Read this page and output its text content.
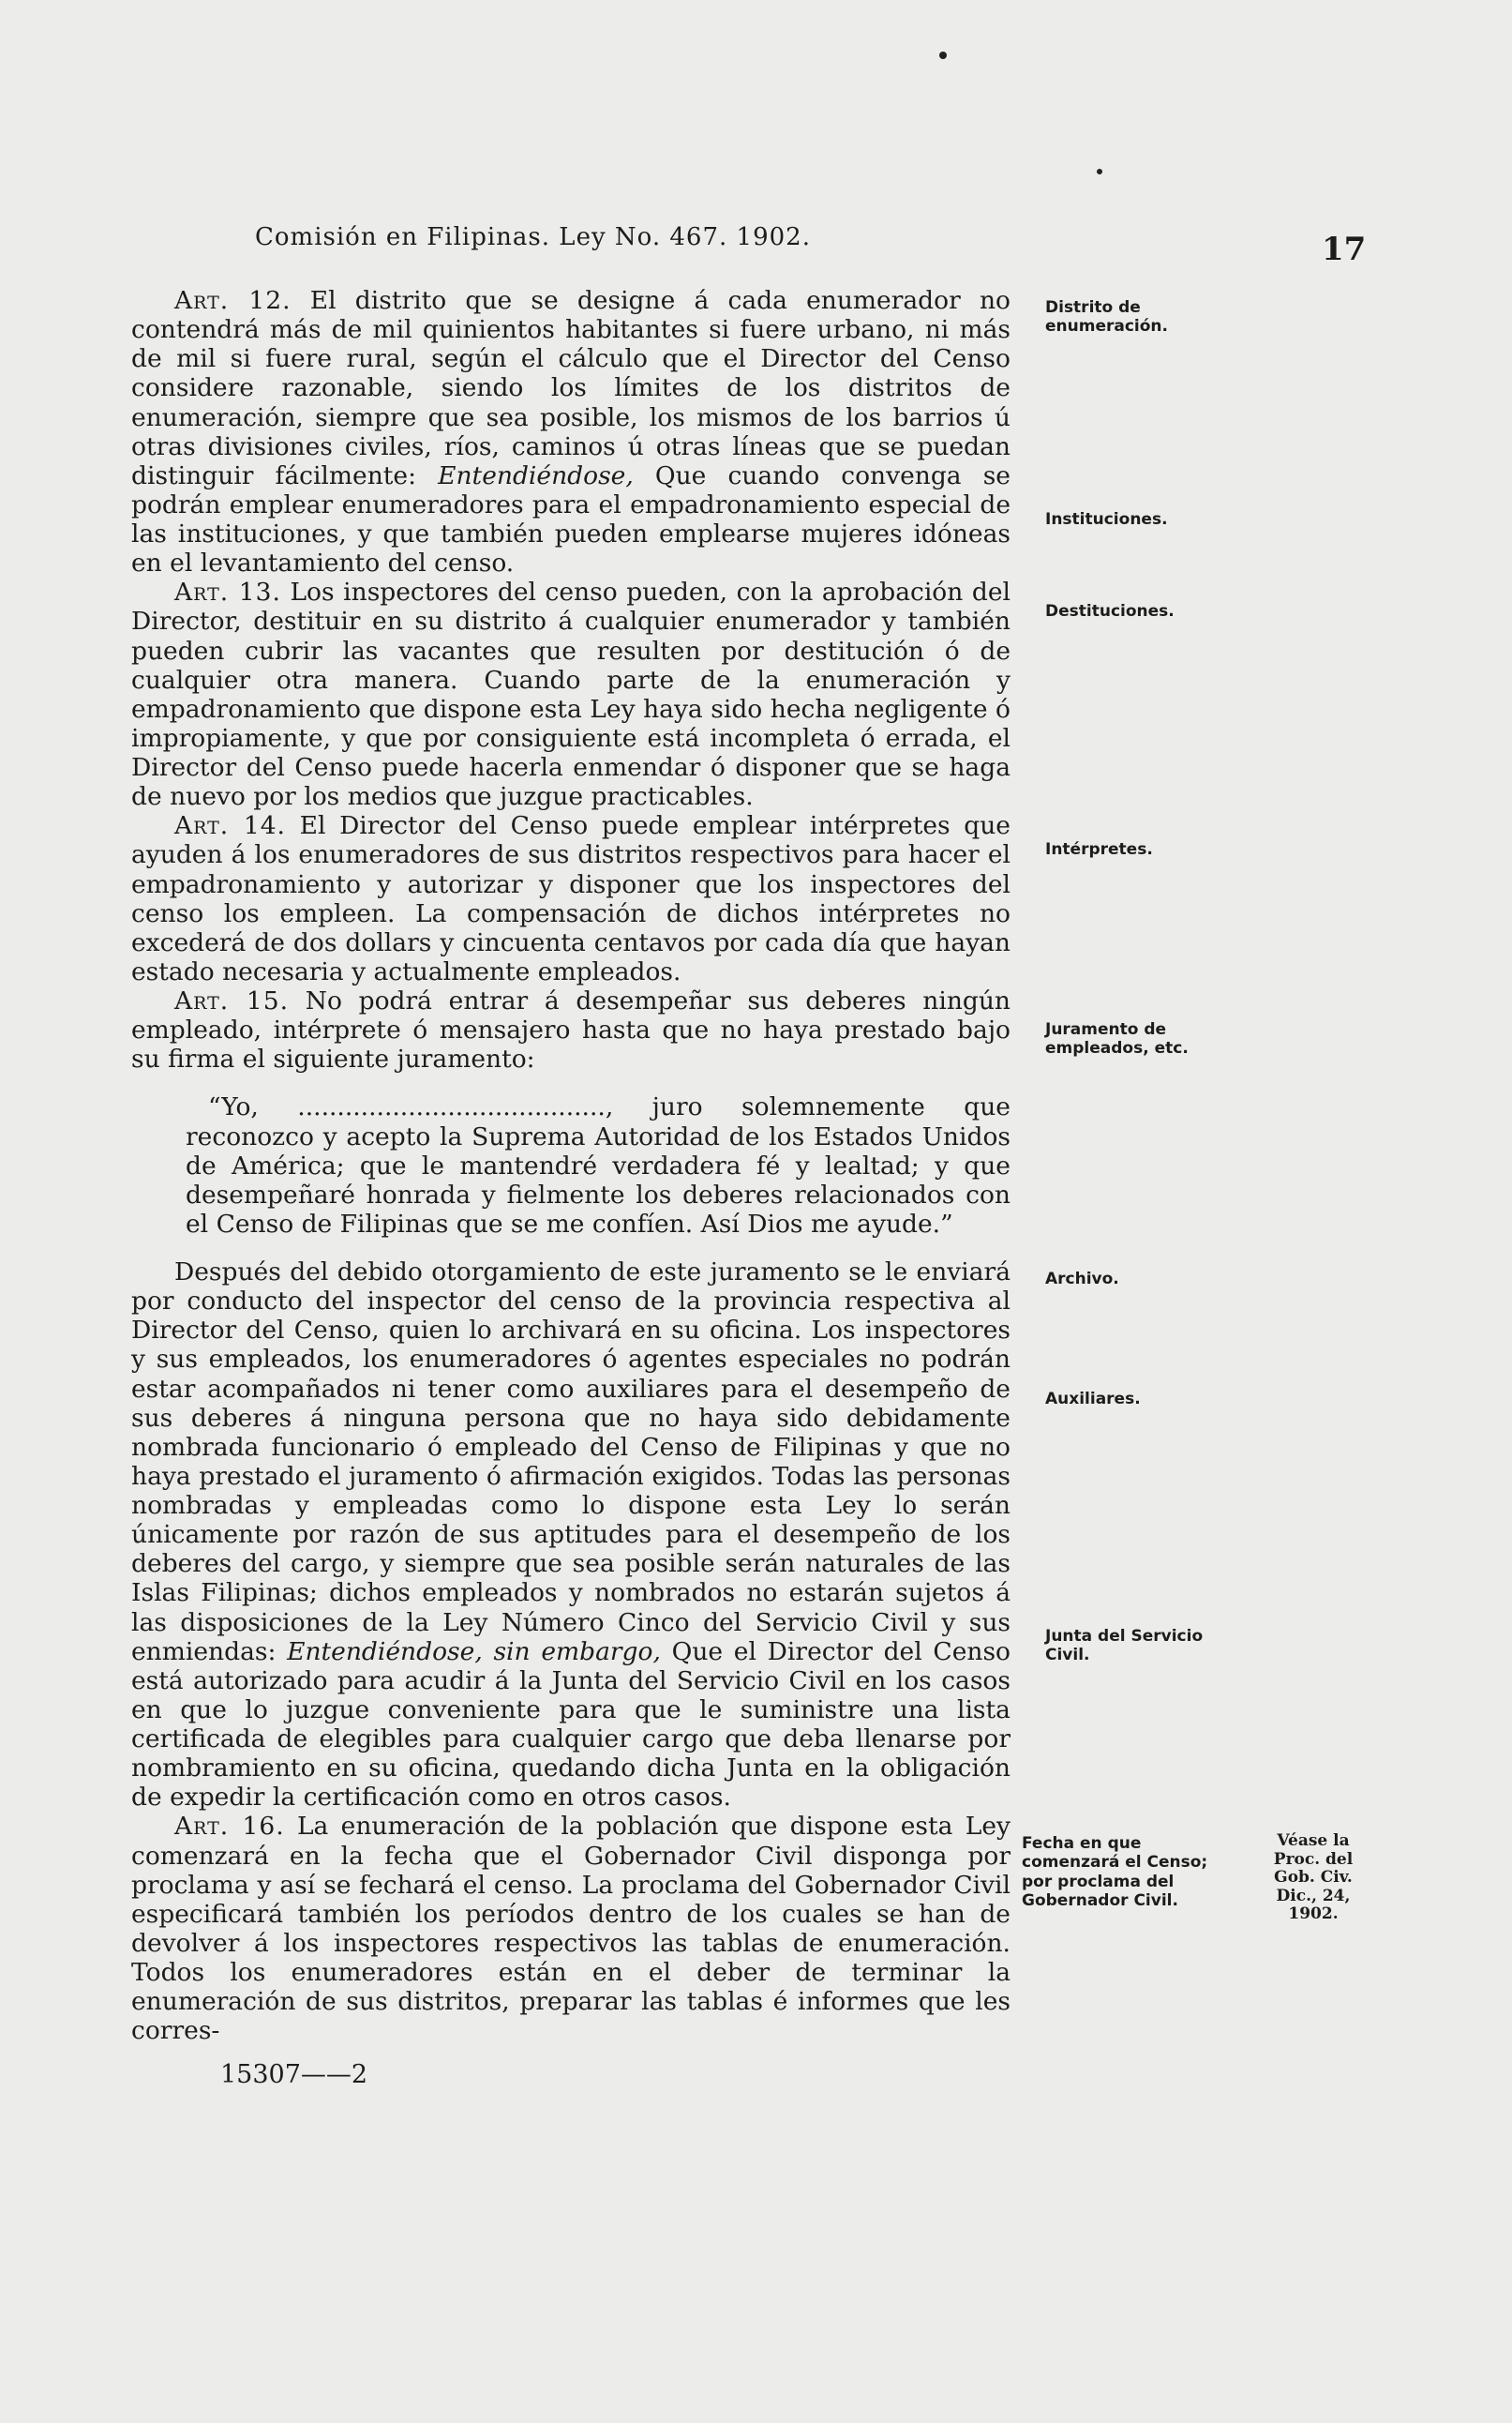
Comisión en Filipinas. Ley No. 467. 1902.	17

Art. 12. El distrito que se designe á cada enumerador no contendrá más de mil quinientos habitantes si fuere urbano, ni más de mil si fuere rural, según el cálculo que el Director del Censo considere razonable, siendo los límites de los distritos de enumeración, siempre que sea posible, los mismos de los barrios ú otras divisiones civiles, ríos, caminos ú otras líneas que se puedan distinguir fácilmente: Entendiéndose, Que cuando convenga se podrán emplear enumeradores para el empadronamiento especial de las instituciones, y que también pueden emplearse mujeres idóneas en el levantamiento del censo.

Art. 13. Los inspectores del censo pueden, con la aprobación del Director, destituir en su distrito á cualquier enumerador y también pueden cubrir las vacantes que resulten por destitución ó de cualquier otra manera. Cuando parte de la enumeración y empadronamiento que dispone esta Ley haya sido hecha negligente ó impropiamente, y que por consiguiente está incompleta ó errada, el Director del Censo puede hacerla enmendar ó disponer que se haga de nuevo por los medios que juzgue practicables.

Art. 14. El Director del Censo puede emplear intérpretes que ayuden á los enumeradores de sus distritos respectivos para hacer el empadronamiento y autorizar y disponer que los inspectores del censo los empleen. La compensación de dichos intérpretes no excederá de dos dollars y cincuenta centavos por cada día que hayan estado necesaria y actualmente empleados.

Art. 15. No podrá entrar á desempeñar sus deberes ningún empleado, intérprete ó mensajero hasta que no haya prestado bajo su firma el siguiente juramento:

“Yo, ......................................., juro solemnemente que reconozco y acepto la Suprema Autoridad de los Estados Unidos de América; que le mantendré verdadera fé y lealtad; y que desempeñaré honrada y fielmente los deberes relacionados con el Censo de Filipinas que se me confíen. Así Dios me ayude.”

Después del debido otorgamiento de este juramento se le enviará por conducto del inspector del censo de la provincia respectiva al Director del Censo, quien lo archivará en su oficina. Los inspectores y sus empleados, los enumeradores ó agentes especiales no podrán estar acompañados ni tener como auxiliares para el desempeño de sus deberes á ninguna persona que no haya sido debidamente nombrada funcionario ó empleado del Censo de Filipinas y que no haya prestado el juramento ó afirmación exigidos. Todas las personas nombradas y empleadas como lo dispone esta Ley lo serán únicamente por razón de sus aptitudes para el desempeño de los deberes del cargo, y siempre que sea posible serán naturales de las Islas Filipinas; dichos empleados y nombrados no estarán sujetos á las disposiciones de la Ley Número Cinco del Servicio Civil y sus enmiendas: Entendiéndose, sin embargo, Que el Director del Censo está autorizado para acudir á la Junta del Servicio Civil en los casos en que lo juzgue conveniente para que le suministre una lista certificada de elegibles para cualquier cargo que deba llenarse por nombramiento en su oficina, quedando dicha Junta en la obligación de expedir la certificación como en otros casos.

Art. 16. La enumeración de la población que dispone esta Ley comenzará en la fecha que el Gobernador Civil disponga por proclama y así se fechará el censo. La proclama del Gobernador Civil especificará también los períodos dentro de los cuales se han de devolver á los inspectores respectivos las tablas de enumeración. Todos los enumeradores están en el deber de terminar la enumeración de sus distritos, preparar las tablas é informes que les corres-

Distrito de enumeración.
Instituciones.
Destituciones.
Intérpretes.
Juramento de empleados, etc.
Archivo.
Auxiliares.
Junta del Servicio Civil.
Fecha en que comenzará el Censo; por proclama del Gobernador Civil.
Véase la Proc. del Gob. Civ. Dic., 24, 1902.
15307——2
